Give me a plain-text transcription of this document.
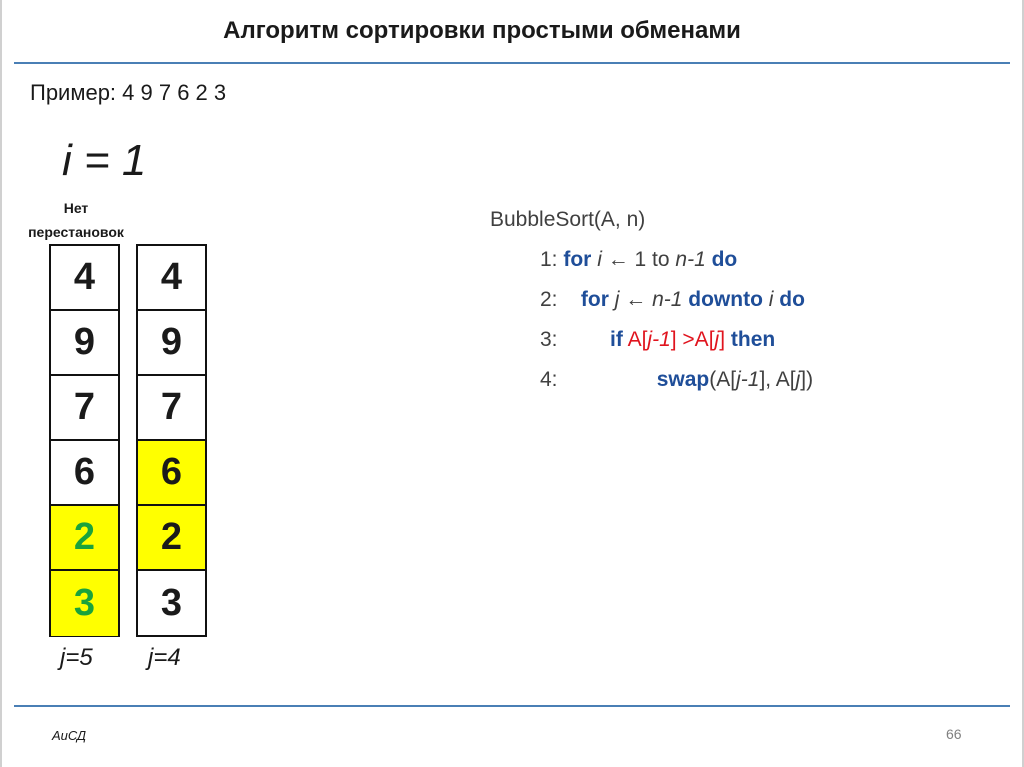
Алгоритм сортировки простыми обменами
Пример: 4 9 7 6 2 3
i = 1
Нет
перестановок
4
9
7
6
2
3
j=5
4
9
7
6
2
3
j=4
BubbleSort(A, n)
1: for i ← 1 to n-1 do
2:    for j ← n-1 downto i do
3:         if A[j-1] >A[j] then
4:	swap(A[j-1], A[j])
АиСД	66
